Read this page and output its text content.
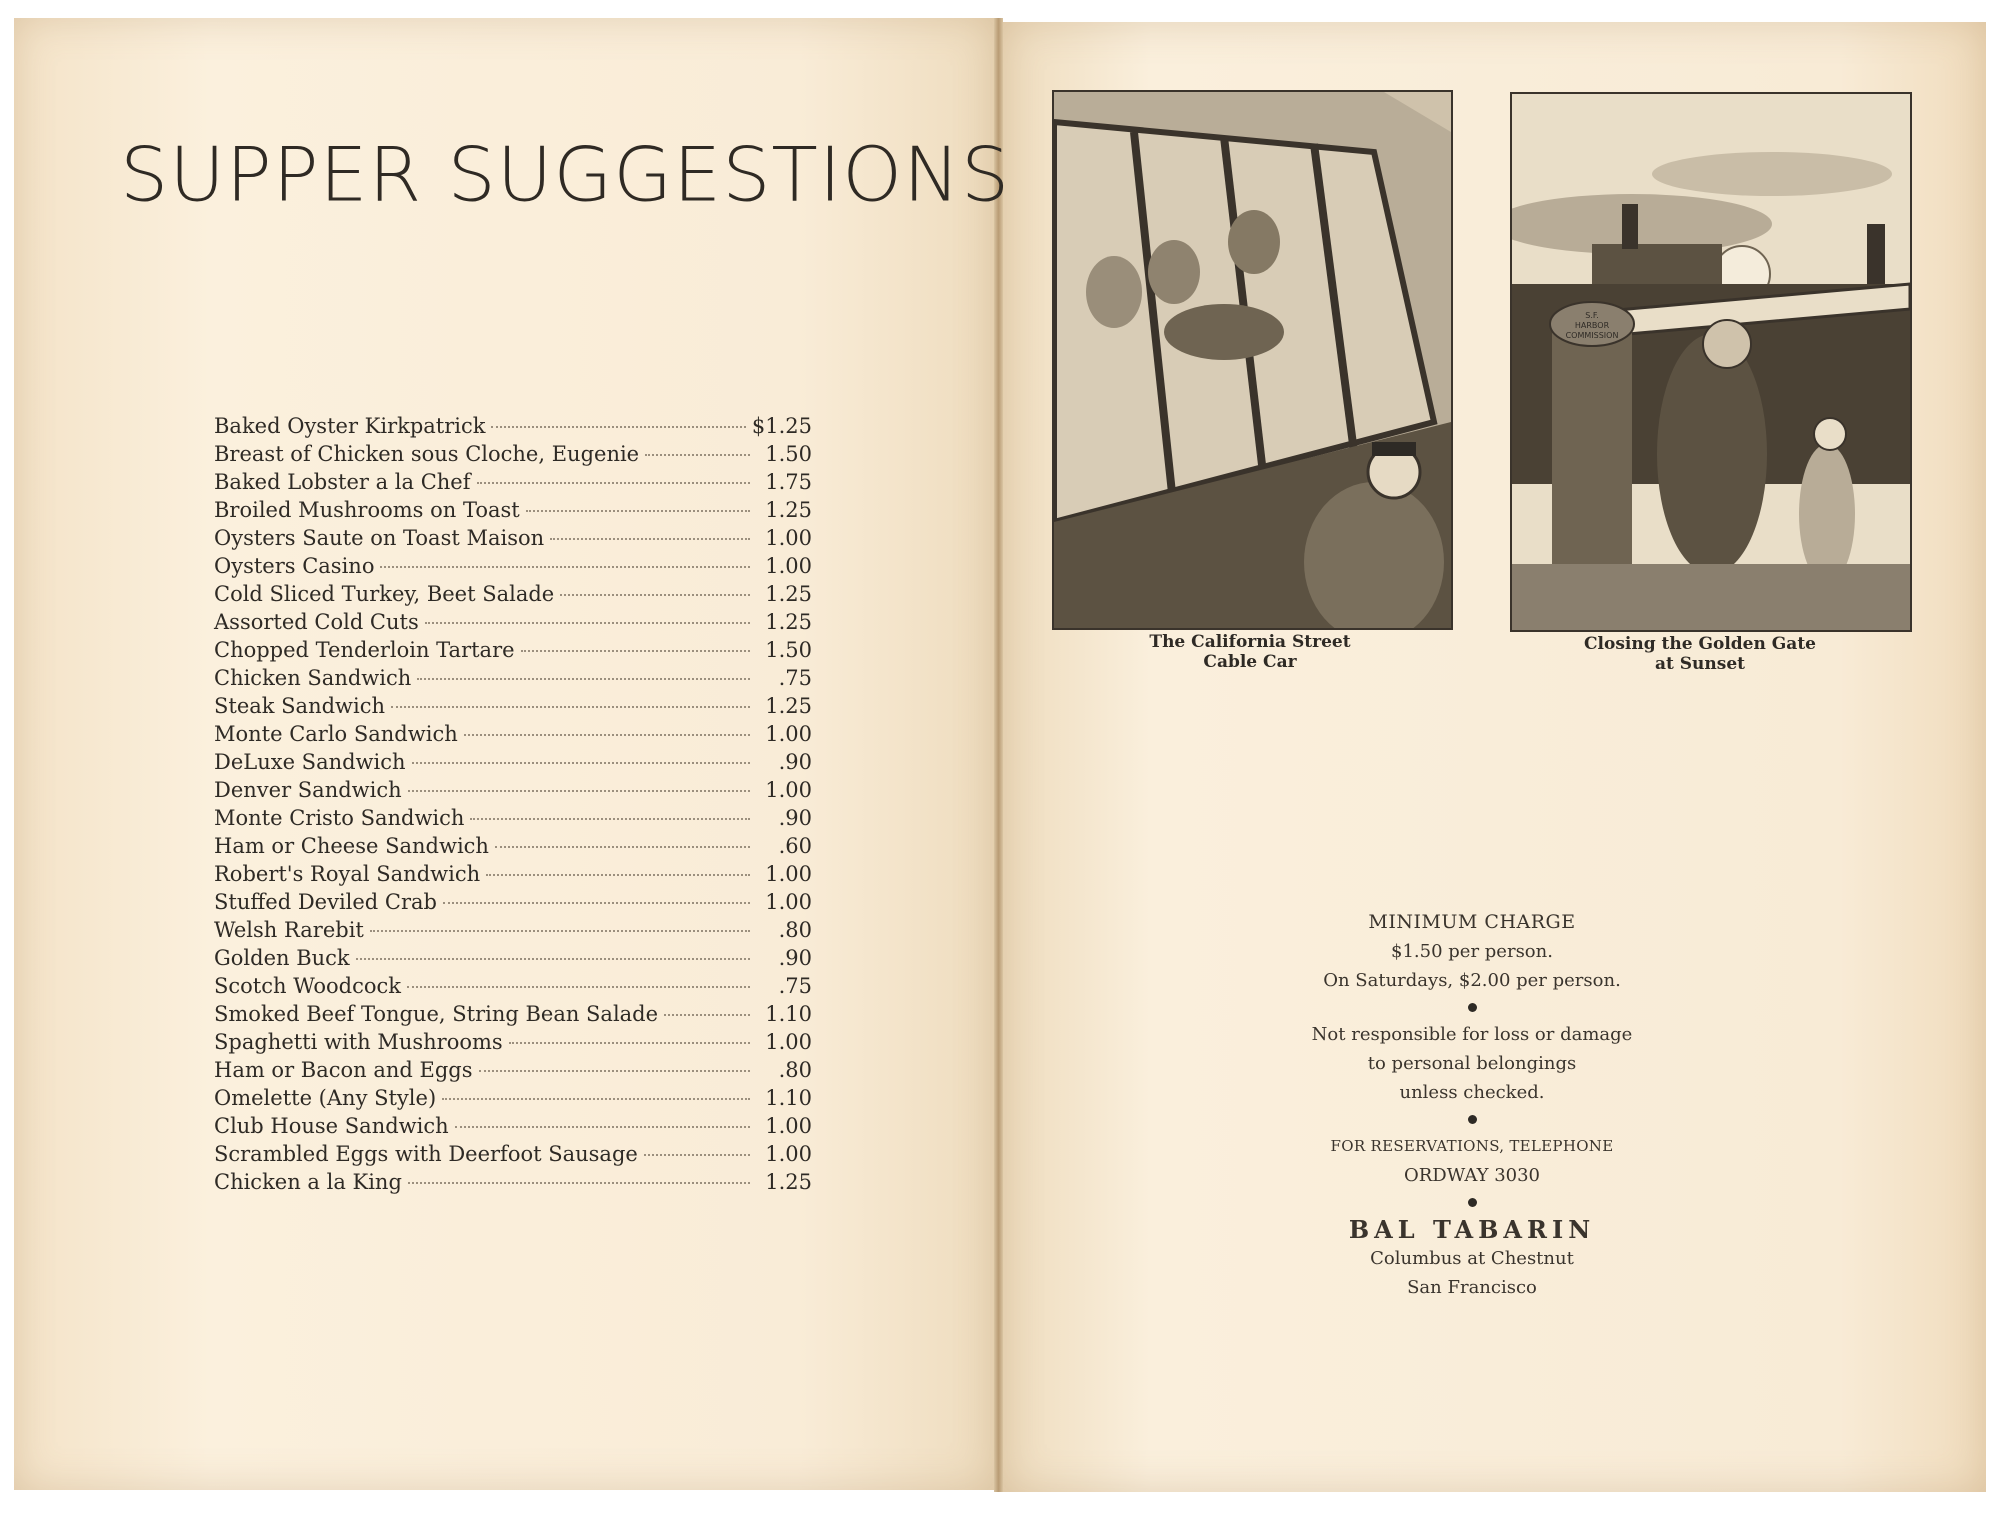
SUPPER SUGGESTIONS
Baked Oyster Kirkpatrick	$1.25
Breast of Chicken sous Cloche, Eugenie	1.50
Baked Lobster a la Chef	1.75
Broiled Mushrooms on Toast	1.25
Oysters Saute on Toast Maison	1.00
Oysters Casino	1.00
Cold Sliced Turkey, Beet Salade	1.25
Assorted Cold Cuts	1.25
Chopped Tenderloin Tartare	1.50
Chicken Sandwich	.75
Steak Sandwich	1.25
Monte Carlo Sandwich	1.00
DeLuxe Sandwich	.90
Denver Sandwich	1.00
Monte Cristo Sandwich	.90
Ham or Cheese Sandwich	.60
Robert's Royal Sandwich	1.00
Stuffed Deviled Crab	1.00
Welsh Rarebit	.80
Golden Buck	.90
Scotch Woodcock	.75
Smoked Beef Tongue, String Bean Salade	1.10
Spaghetti with Mushrooms	1.00
Ham or Bacon and Eggs	.80
Omelette (Any Style)	1.10
Club House Sandwich	1.00
Scrambled Eggs with Deerfoot Sausage	1.00
Chicken a la King	1.25
S.F.
HARBOR
COMMISSION
The California Street
Cable Car
Closing the Golden Gate
at Sunset
MINIMUM CHARGE
$1.50 per person.
On Saturdays, $2.00 per person.
Not responsible for loss or damage
to personal belongings
unless checked.
FOR RESERVATIONS, TELEPHONE
ORDWAY 3030
BAL TABARIN
Columbus at Chestnut
San Francisco
